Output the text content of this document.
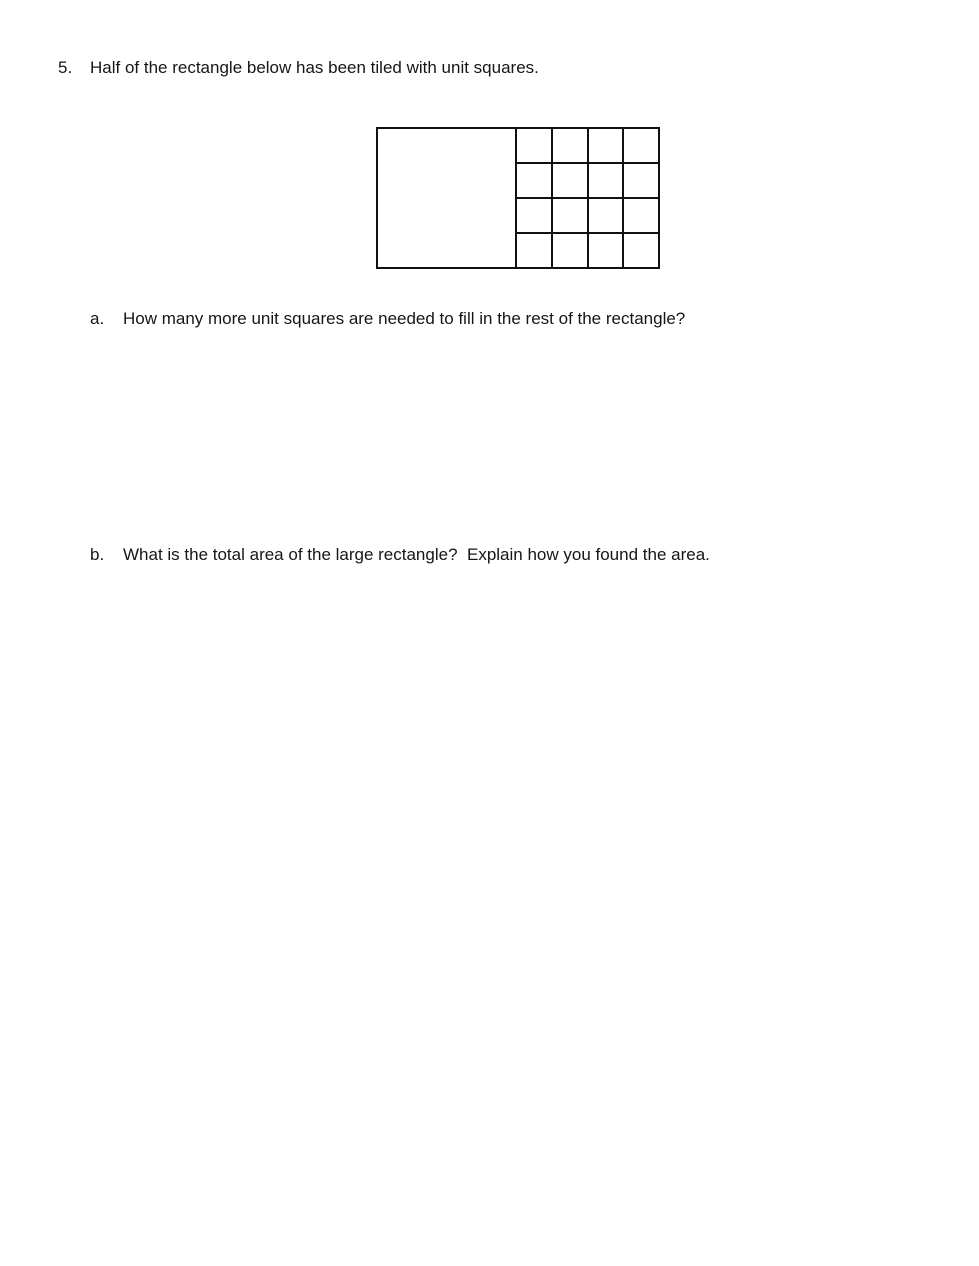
5.	Half of the rectangle below has been tiled with unit squares.
a.	How many more unit squares are needed to fill in the rest of the rectangle?
b.	What is the total area of the large rectangle?  Explain how you found the area.
